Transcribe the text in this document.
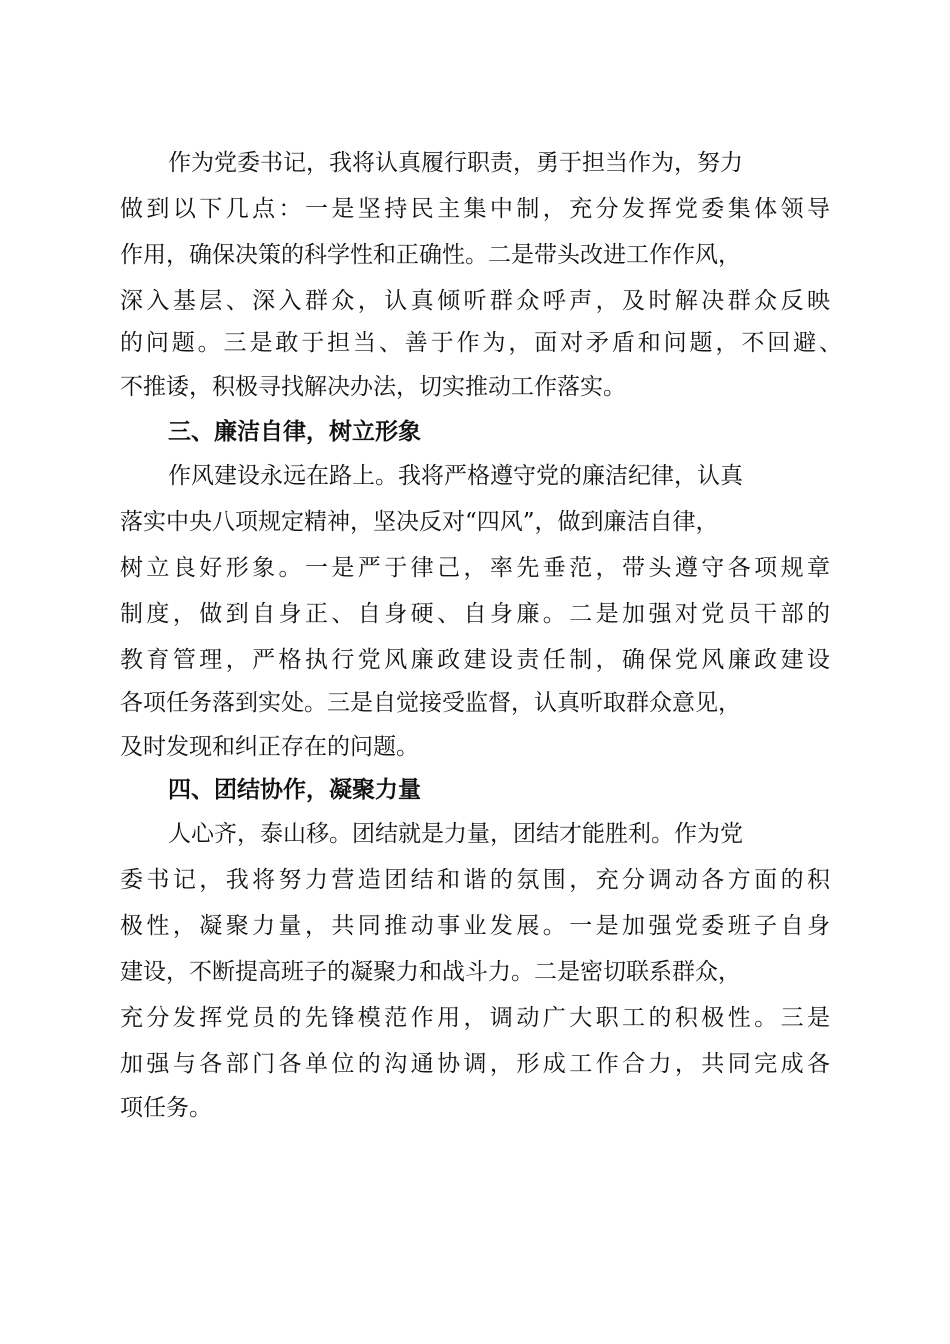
作为党委书记，我将认真履行职责，勇于担当作为，努力
做到以下几点：一是坚持民主集中制，充分发挥党委集体领导
作用，确保决策的科学性和正确性。二是带头改进工作作风，
深入基层、深入群众，认真倾听群众呼声，及时解决群众反映
的问题。三是敢于担当、善于作为，面对矛盾和问题，不回避、
不推诿，积极寻找解决办法，切实推动工作落实。
三、廉洁自律，树立形象
作风建设永远在路上。我将严格遵守党的廉洁纪律，认真
落实中央八项规定精神，坚决反对“四风”，做到廉洁自律，
树立良好形象。一是严于律己，率先垂范，带头遵守各项规章
制度，做到自身正、自身硬、自身廉。二是加强对党员干部的
教育管理，严格执行党风廉政建设责任制，确保党风廉政建设
各项任务落到实处。三是自觉接受监督，认真听取群众意见，
及时发现和纠正存在的问题。
四、团结协作，凝聚力量
人心齐，泰山移。团结就是力量，团结才能胜利。作为党
委书记，我将努力营造团结和谐的氛围，充分调动各方面的积
极性，凝聚力量，共同推动事业发展。一是加强党委班子自身
建设，不断提高班子的凝聚力和战斗力。二是密切联系群众，
充分发挥党员的先锋模范作用，调动广大职工的积极性。三是
加强与各部门各单位的沟通协调，形成工作合力，共同完成各
项任务。
